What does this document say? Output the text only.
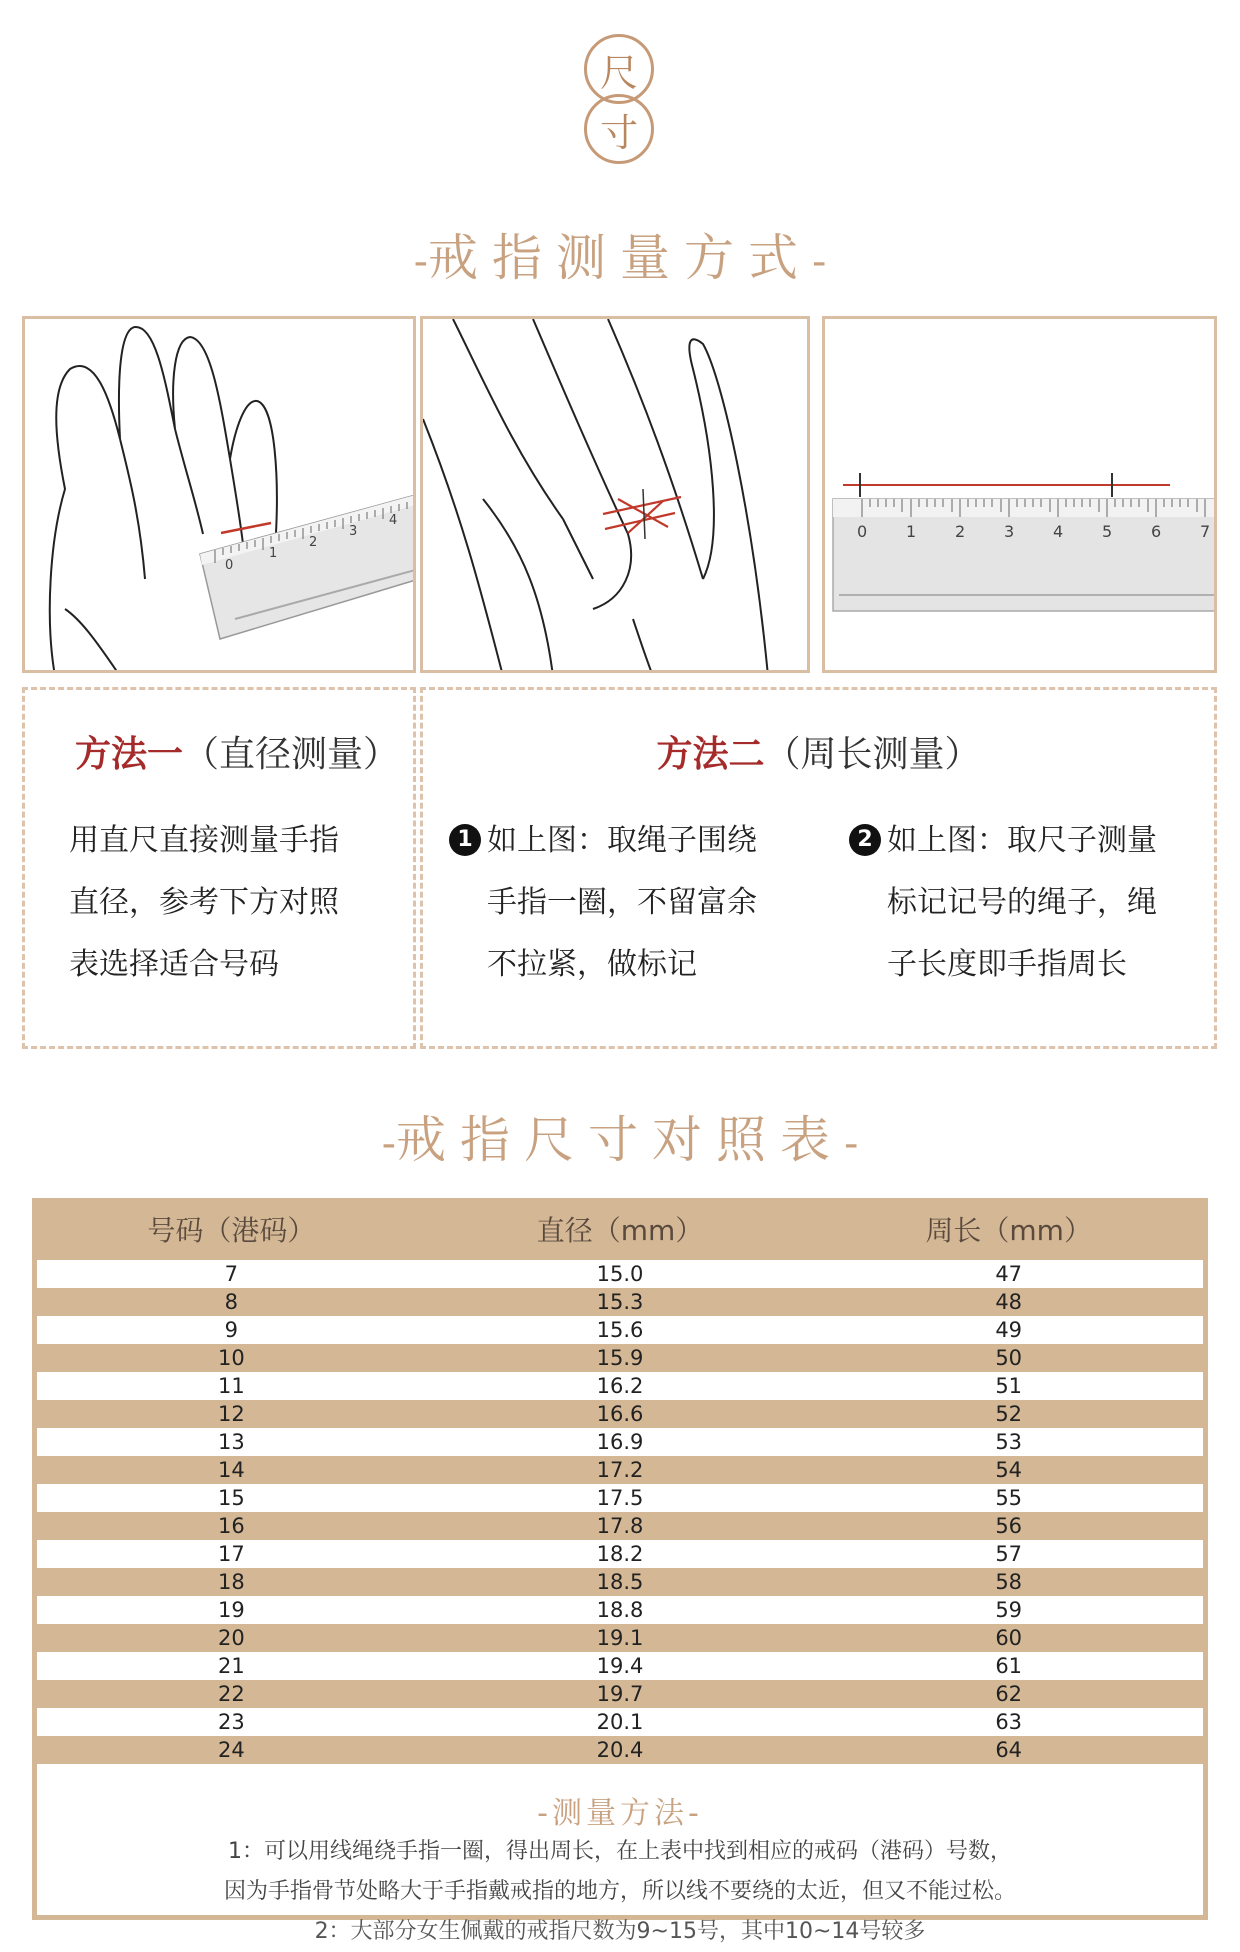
尺
寸
-戒指测量方式-
0
1
2
3
4
0 1 2 3 4 5 6 7
方法一（直径测量）
用直尺直接测量手指
直径，参考下方对照
表选择适合号码
方法二（周长测量）
1 如上图：取绳子围绕
手指一圈，不留富余
不拉紧，做标记
2 如上图：取尺子测量
标记记号的绳子，绳
子长度即手指周长
-戒指尺寸对照表-
号码（港码）	直径（mm）	周长（mm）
7	15.0	47
8	15.3	48
9	15.6	49
10	15.9	50
11	16.2	51
12	16.6	52
13	16.9	53
14	17.2	54
15	17.5	55
16	17.8	56
17	18.2	57
18	18.5	58
19	18.8	59
20	19.1	60
21	19.4	61
22	19.7	62
23	20.1	63
24	20.4	64
-测量方法-
1：可以用线绳绕手指一圈，得出周长，在上表中找到相应的戒码（港码）号数，
因为手指骨节处略大于手指戴戒指的地方，所以线不要绕的太近，但又不能过松。
2：大部分女生佩戴的戒指尺数为9~15号，其中10~14号较多
